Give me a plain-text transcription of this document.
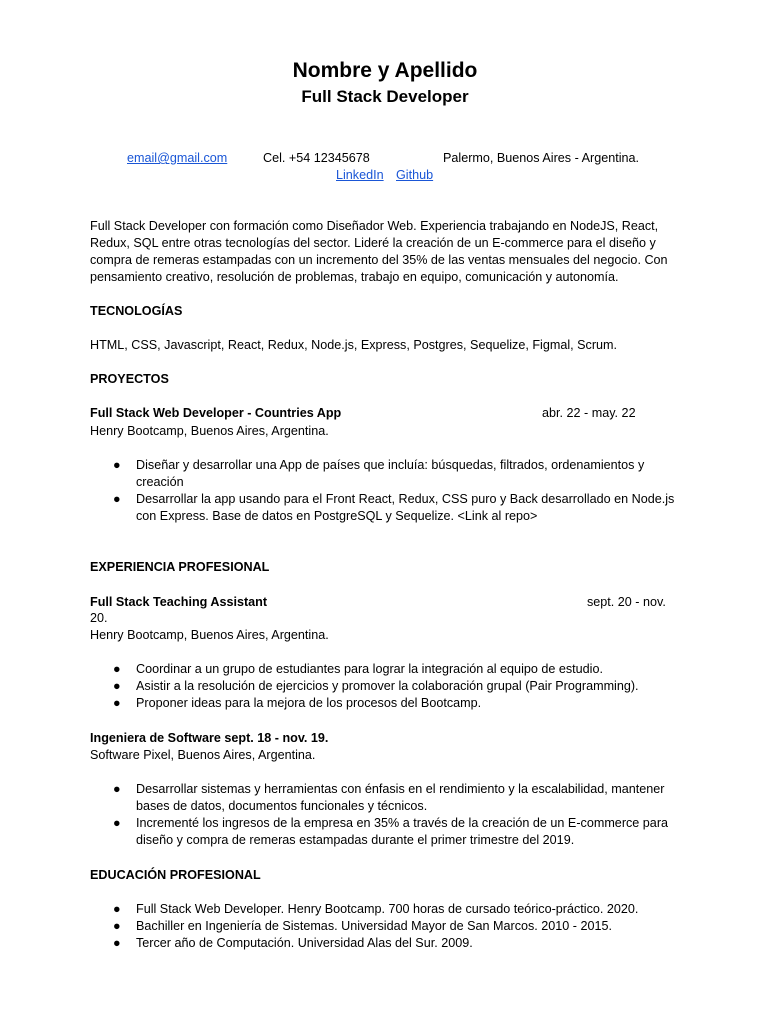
Nombre y Apellido
Full Stack Developer
email@gmail.com	Cel. +54 12345678	Palermo, Buenos Aires - Argentina.
LinkedIn Github
Full Stack Developer con formación como Diseñador Web. Experiencia trabajando en NodeJS, React, Redux, SQL entre otras tecnologías del sector. Lideré la creación de un E-commerce para el diseño y compra de remeras estampadas con un incremento del 35% de las ventas mensuales del negocio. Con pensamiento creativo, resolución de problemas, trabajo en equipo, comunicación y autonomía.
TECNOLOGÍAS
HTML, CSS, Javascript, React, Redux, Node.js, Express, Postgres, Sequelize, Figmal, Scrum.
PROYECTOS
Full Stack Web Developer - Countries App	abr. 22 - may. 22
Henry Bootcamp, Buenos Aires, Argentina.
● Diseñar y desarrollar una App de países que incluía: búsquedas, filtrados, ordenamientos y creación
● Desarrollar la app usando para el Front React, Redux, CSS puro y Back desarrollado en Node.js con Express. Base de datos en PostgreSQL y Sequelize. <Link al repo>
EXPERIENCIA PROFESIONAL
Full Stack Teaching Assistant	sept. 20 - nov.
20.
Henry Bootcamp, Buenos Aires, Argentina.
● Coordinar a un grupo de estudiantes para lograr la integración al equipo de estudio.
● Asistir a la resolución de ejercicios y promover la colaboración grupal (Pair Programming).
● Proponer ideas para la mejora de los procesos del Bootcamp.
Ingeniera de Software sept. 18 - nov. 19.
Software Pixel, Buenos Aires, Argentina.
● Desarrollar sistemas y herramientas con énfasis en el rendimiento y la escalabilidad, mantener bases de datos, documentos funcionales y técnicos.
● Incrementé los ingresos de la empresa en 35% a través de la creación de un E-commerce para diseño y compra de remeras estampadas durante el primer trimestre del 2019.
EDUCACIÓN PROFESIONAL
● Full Stack Web Developer. Henry Bootcamp. 700 horas de cursado teórico-práctico. 2020.
● Bachiller en Ingeniería de Sistemas. Universidad Mayor de San Marcos. 2010 - 2015.
● Tercer año de Computación. Universidad Alas del Sur. 2009.
